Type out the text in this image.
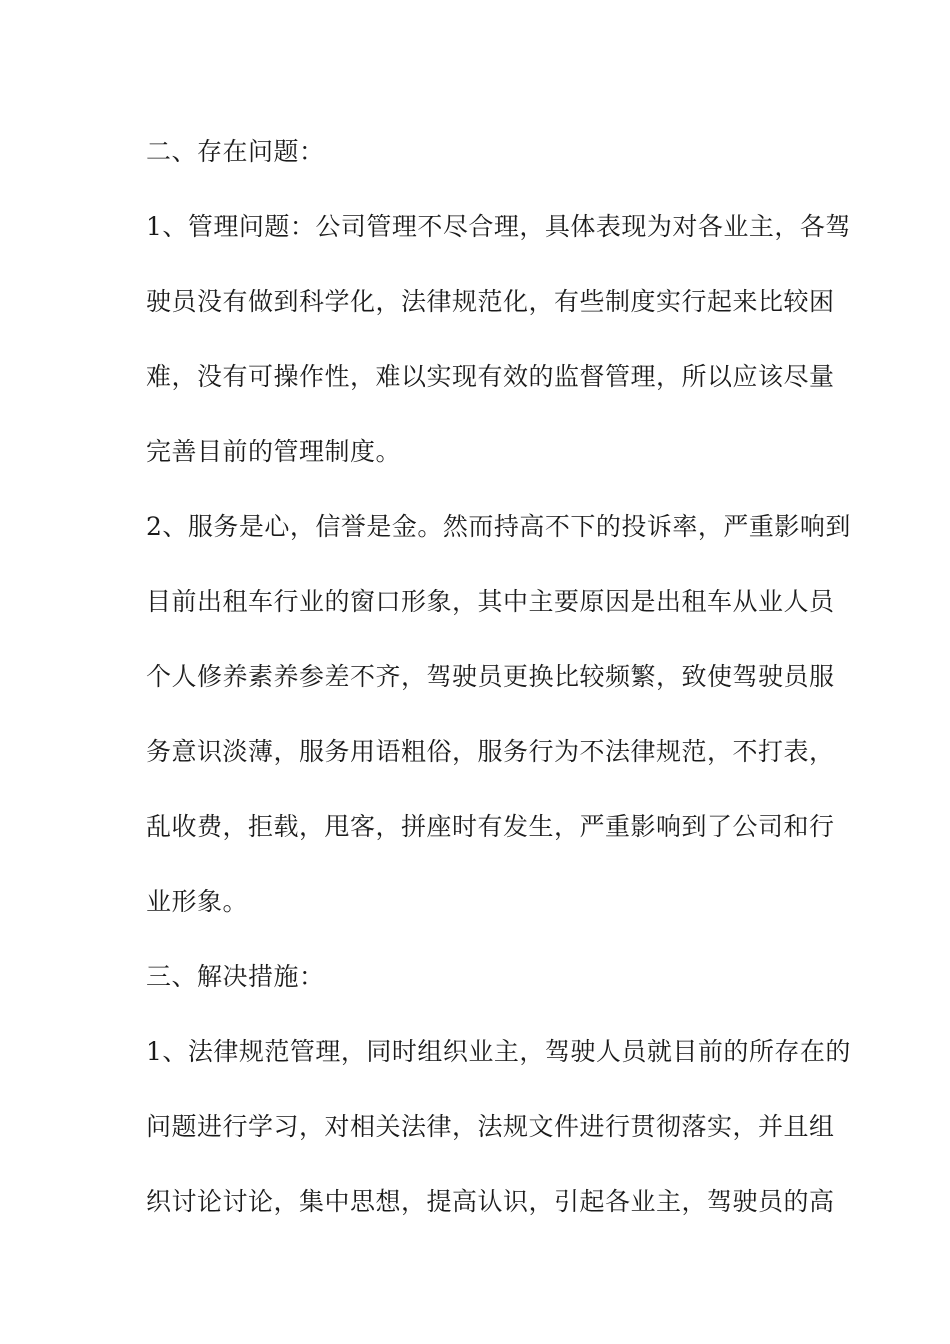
二、存在问题：
1、管理问题：公司管理不尽合理，具体表现为对各业主，各驾
驶员没有做到科学化，法律规范化，有些制度实行起来比较困
难，没有可操作性，难以实现有效的监督管理，所以应该尽量
完善目前的管理制度。
2、服务是心，信誉是金。然而持高不下的投诉率，严重影响到
目前出租车行业的窗口形象，其中主要原因是出租车从业人员
个人修养素养参差不齐，驾驶员更换比较频繁，致使驾驶员服
务意识淡薄，服务用语粗俗，服务行为不法律规范，不打表，
乱收费，拒载，甩客，拼座时有发生，严重影响到了公司和行
业形象。
三、解决措施：
1、法律规范管理，同时组织业主，驾驶人员就目前的所存在的
问题进行学习，对相关法律，法规文件进行贯彻落实，并且组
织讨论讨论，集中思想，提高认识，引起各业主，驾驶员的高
